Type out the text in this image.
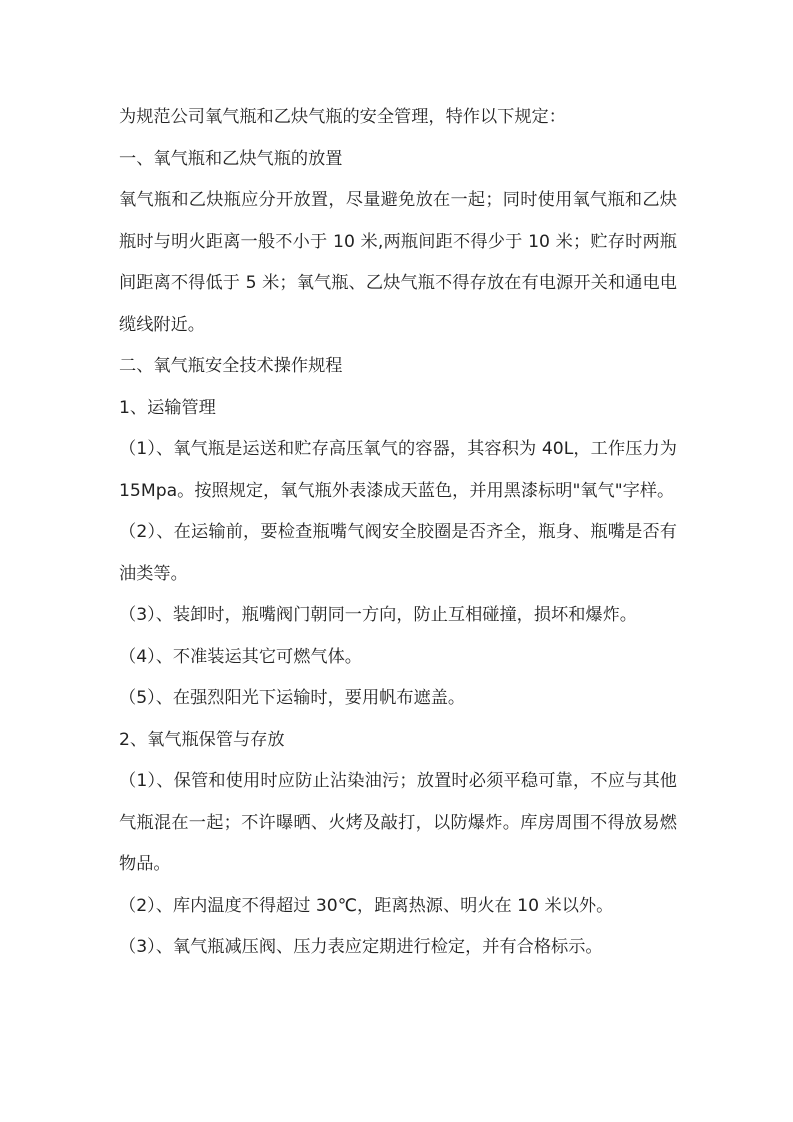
为规范公司氧气瓶和乙炔气瓶的安全管理，特作以下规定：

一、氧气瓶和乙炔气瓶的放置

氧气瓶和乙炔瓶应分开放置，尽量避免放在一起；同时使用氧气瓶和乙炔瓶时与明火距离一般不小于 10 米,两瓶间距不得少于 10 米；贮存时两瓶间距离不得低于 5 米；氧气瓶、乙炔气瓶不得存放在有电源开关和通电电缆线附近。

二、氧气瓶安全技术操作规程

1、运输管理

（1）、氧气瓶是运送和贮存高压氧气的容器，其容积为 40L，工作压力为 15Mpa。按照规定，氧气瓶外表漆成天蓝色，并用黑漆标明"氧气"字样。

（2）、在运输前，要检查瓶嘴气阀安全胶圈是否齐全，瓶身、瓶嘴是否有油类等。

（3）、装卸时，瓶嘴阀门朝同一方向，防止互相碰撞，损坏和爆炸。

（4）、不准装运其它可燃气体。

（5）、在强烈阳光下运输时，要用帆布遮盖。

2、氧气瓶保管与存放

（1）、保管和使用时应防止沾染油污；放置时必须平稳可靠，不应与其他气瓶混在一起；不许曝晒、火烤及敲打，以防爆炸。库房周围不得放易燃物品。

（2）、库内温度不得超过 30℃，距离热源、明火在 10 米以外。

（3）、氧气瓶减压阀、压力表应定期进行检定，并有合格标示。
